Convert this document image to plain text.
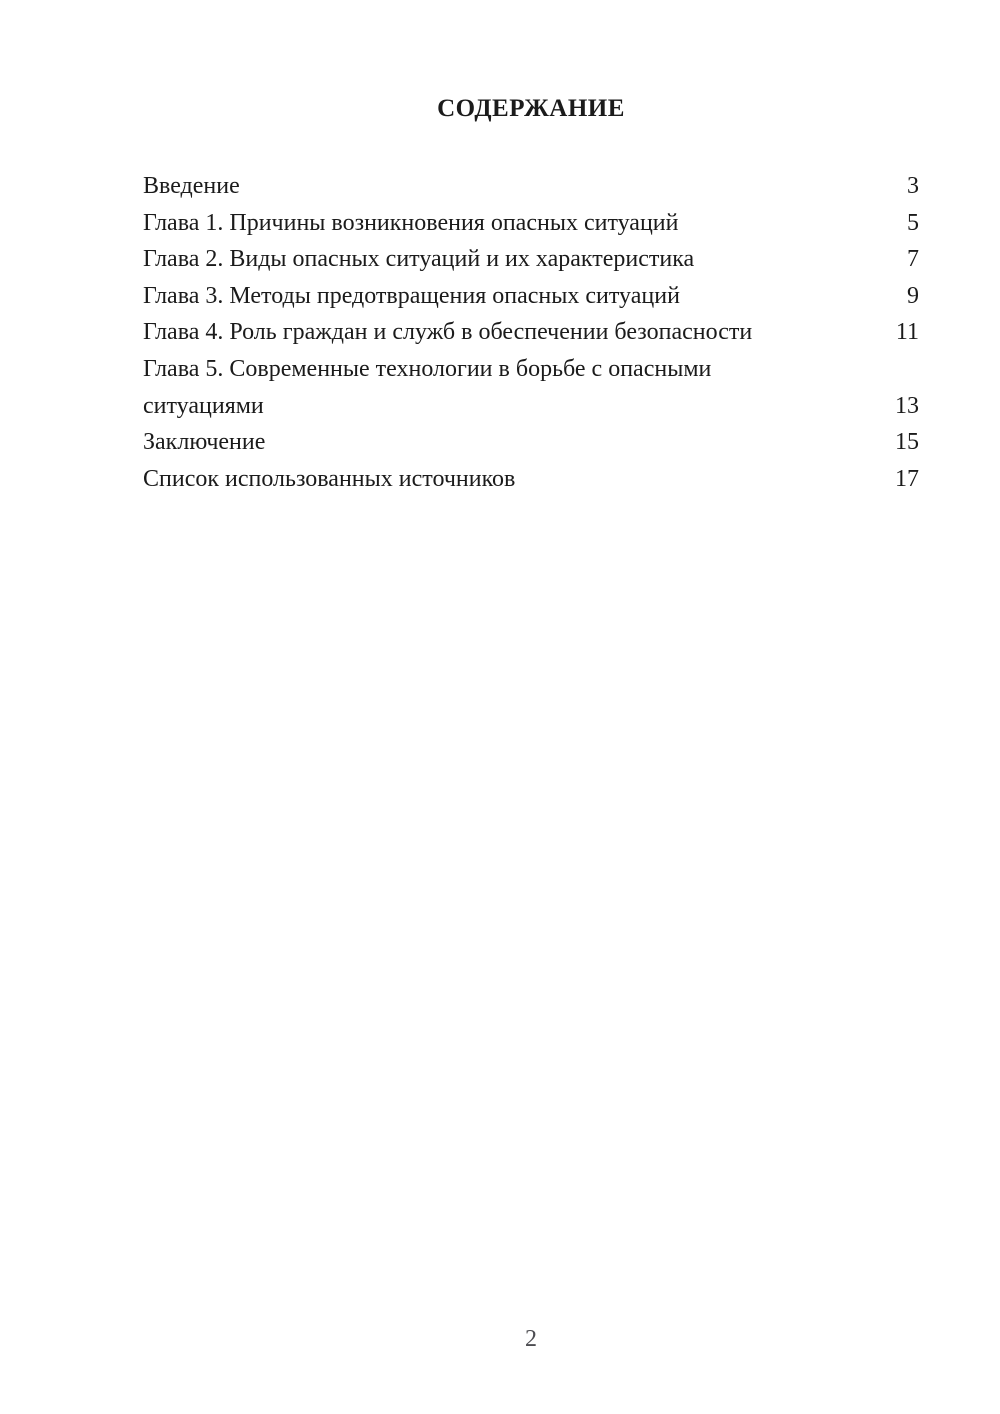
СОДЕРЖАНИЕ
Введение	3
Глава 1. Причины возникновения опасных ситуаций	5
Глава 2. Виды опасных ситуаций и их характеристика	7
Глава 3. Методы предотвращения опасных ситуаций	9
Глава 4. Роль граждан и служб в обеспечении безопасности	11
Глава 5. Современные технологии в борьбе с опасными ситуациями	13
Заключение	15
Список использованных источников	17
2
